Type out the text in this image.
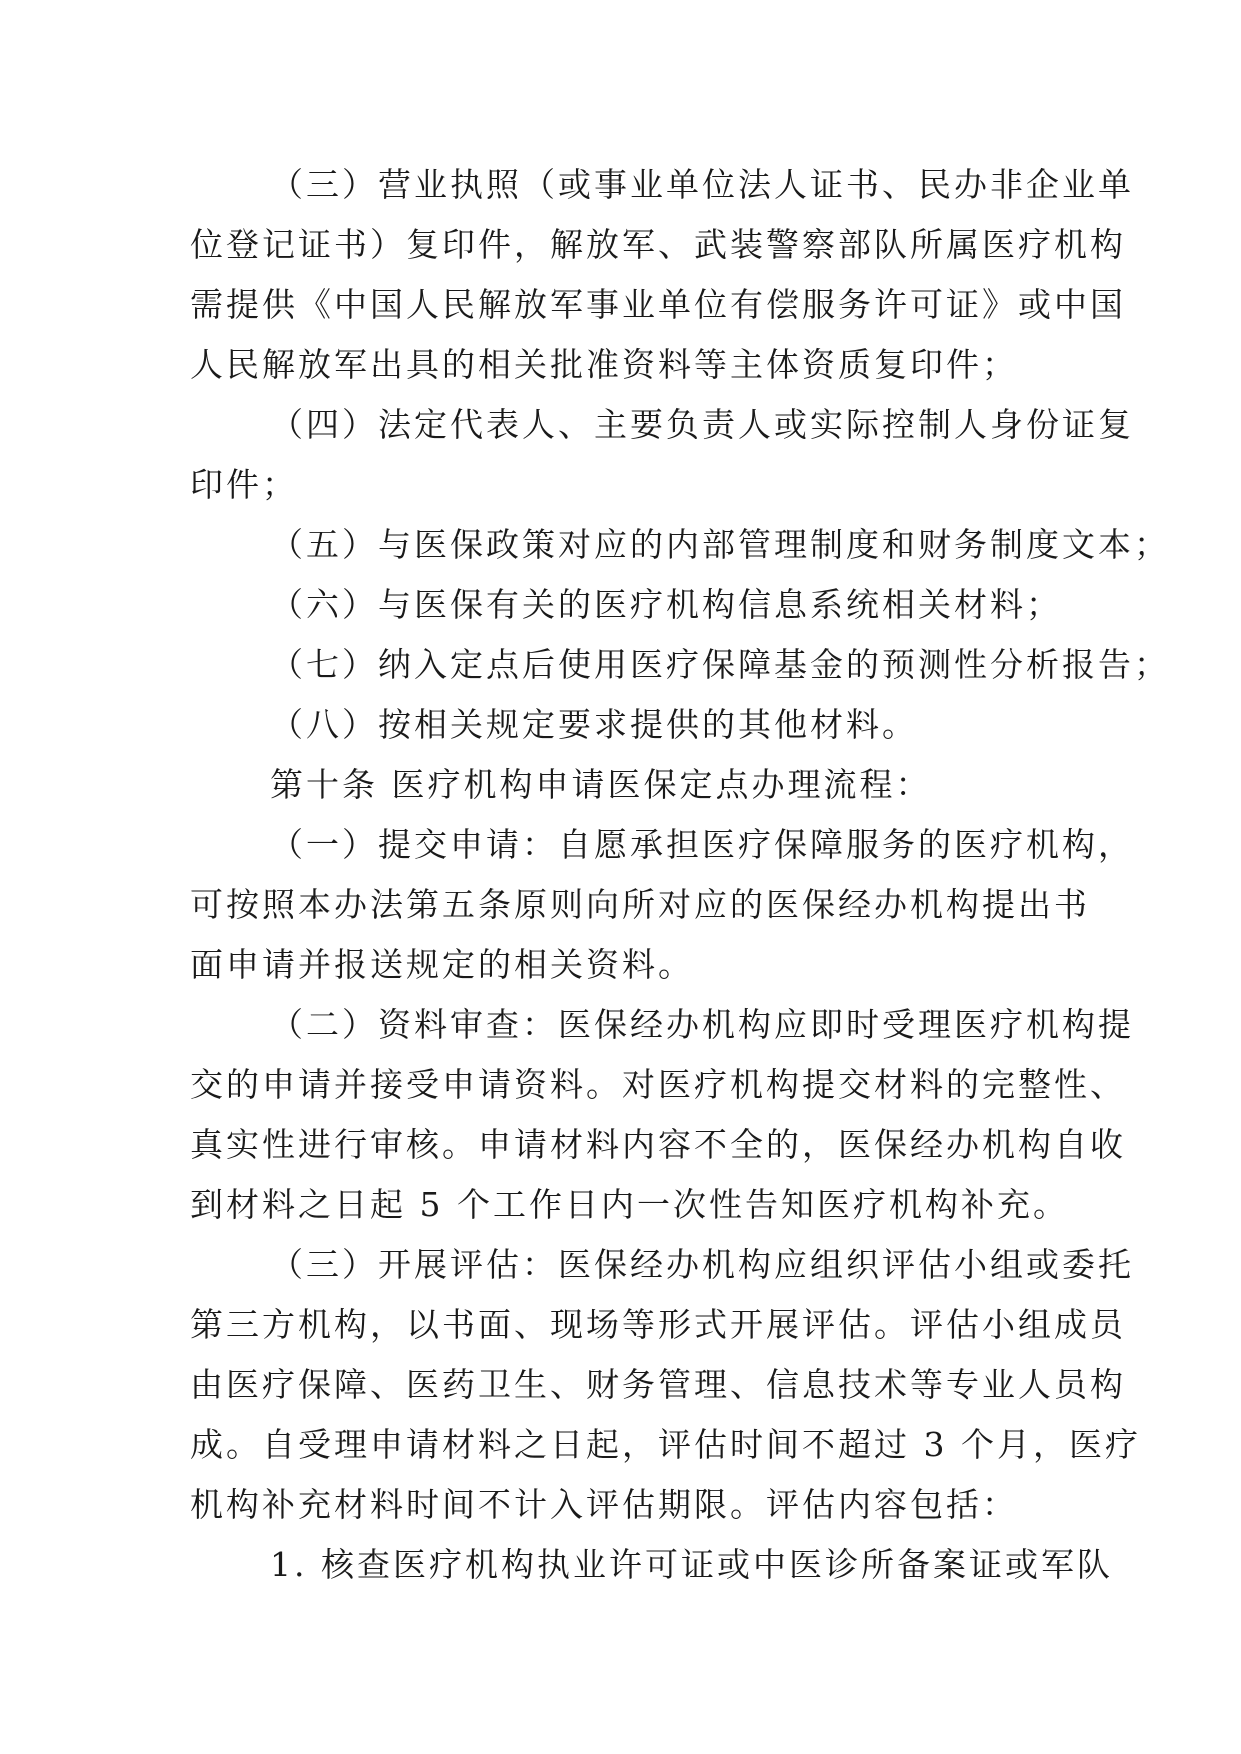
（三）营业执照（或事业单位法人证书、民办非企业单

位登记证书）复印件，解放军、武装警察部队所属医疗机构

需提供《中国人民解放军事业单位有偿服务许可证》或中国

人民解放军出具的相关批准资料等主体资质复印件；

（四）法定代表人、主要负责人或实际控制人身份证复

印件；

（五）与医保政策对应的内部管理制度和财务制度文本；

（六）与医保有关的医疗机构信息系统相关材料；

（七）纳入定点后使用医疗保障基金的预测性分析报告；

（八）按相关规定要求提供的其他材料。

第十条 医疗机构申请医保定点办理流程：

（一）提交申请：自愿承担医疗保障服务的医疗机构，

可按照本办法第五条原则向所对应的医保经办机构提出书

面申请并报送规定的相关资料。

（二）资料审查：医保经办机构应即时受理医疗机构提

交的申请并接受申请资料。对医疗机构提交材料的完整性、

真实性进行审核。申请材料内容不全的，医保经办机构自收

到材料之日起 5 个工作日内一次性告知医疗机构补充。

（三）开展评估：医保经办机构应组织评估小组或委托

第三方机构，以书面、现场等形式开展评估。评估小组成员

由医疗保障、医药卫生、财务管理、信息技术等专业人员构

成。自受理申请材料之日起，评估时间不超过 3 个月，医疗

机构补充材料时间不计入评估期限。评估内容包括：

1. 核查医疗机构执业许可证或中医诊所备案证或军队
